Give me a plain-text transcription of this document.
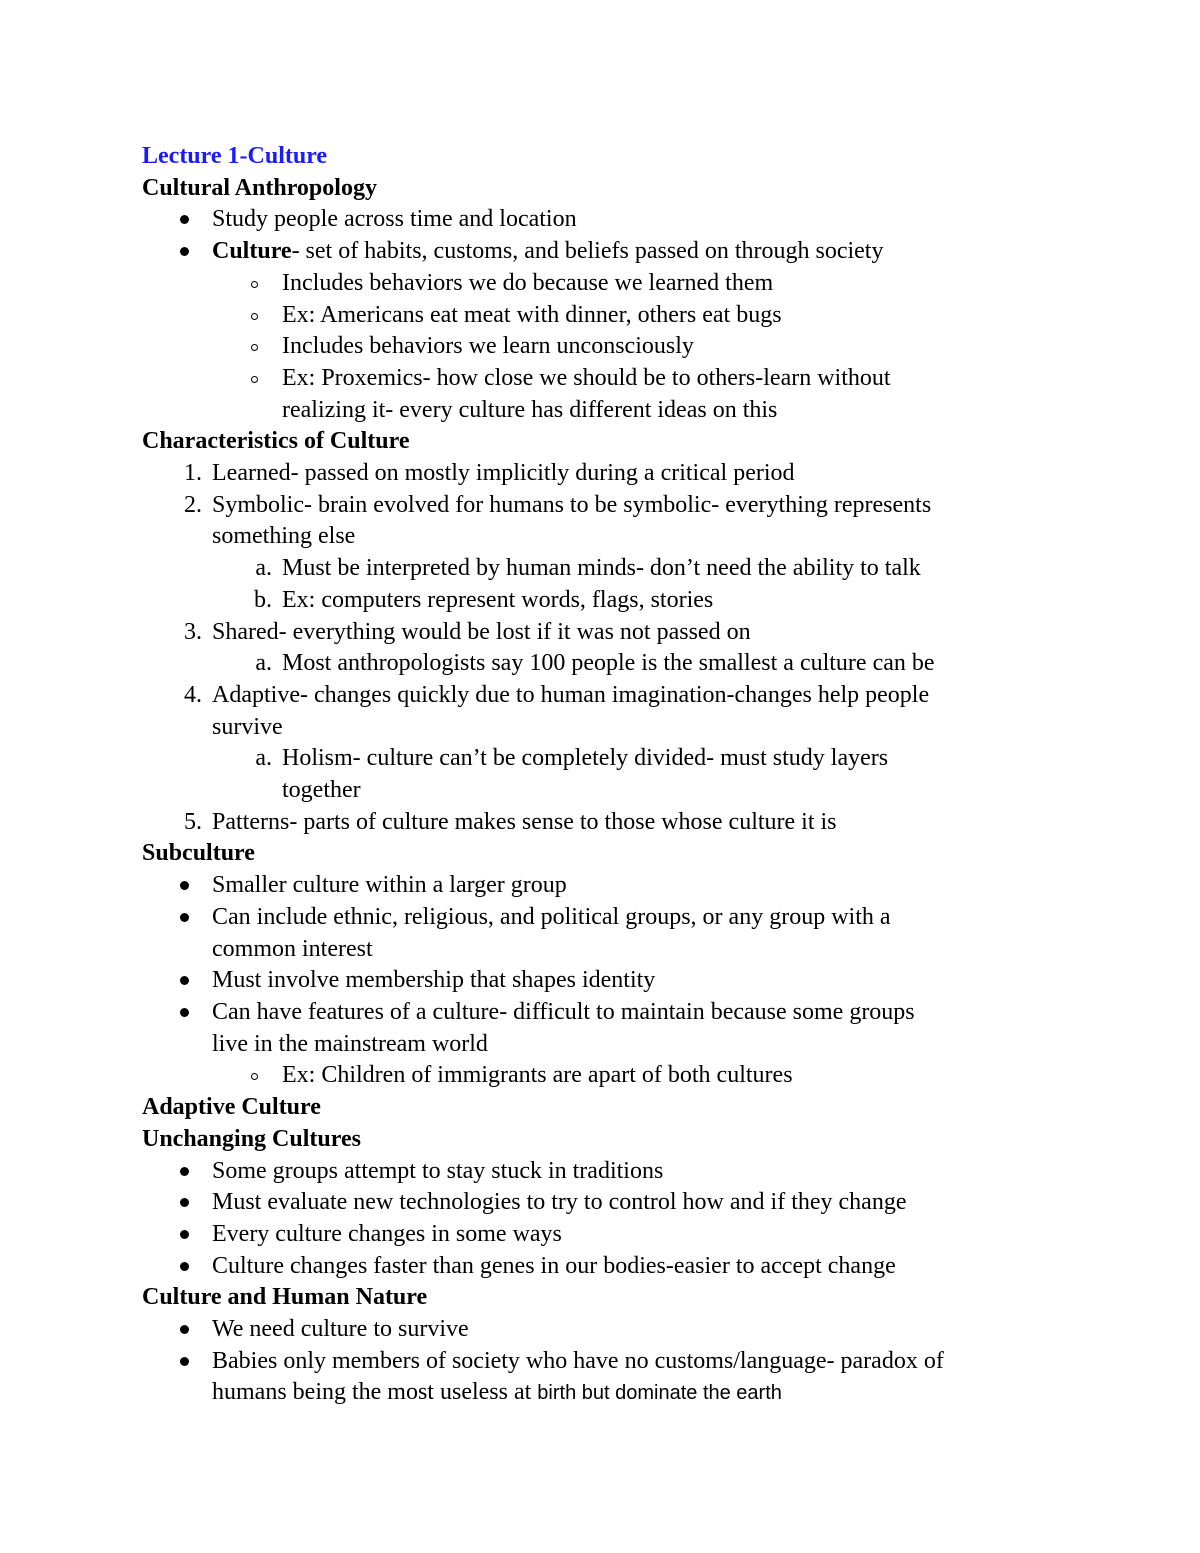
Lecture 1-Culture
Cultural Anthropology
Study people across time and location
Culture- set of habits, customs, and beliefs passed on through society
Includes behaviors we do because we learned them
Ex: Americans eat meat with dinner, others eat bugs
Includes behaviors we learn unconsciously
Ex: Proxemics- how close we should be to others-learn without
realizing it- every culture has different ideas on this
Characteristics of Culture
1. Learned- passed on mostly implicitly during a critical period
2. Symbolic- brain evolved for humans to be symbolic- everything represents
something else
a. Must be interpreted by human minds- don’t need the ability to talk
b. Ex: computers represent words, flags, stories
3. Shared- everything would be lost if it was not passed on
a. Most anthropologists say 100 people is the smallest a culture can be
4. Adaptive- changes quickly due to human imagination-changes help people
survive
a. Holism- culture can’t be completely divided- must study layers
together
5. Patterns- parts of culture makes sense to those whose culture it is
Subculture
Smaller culture within a larger group
Can include ethnic, religious, and political groups, or any group with a
common interest
Must involve membership that shapes identity
Can have features of a culture- difficult to maintain because some groups
live in the mainstream world
Ex: Children of immigrants are apart of both cultures
Adaptive Culture
Unchanging Cultures
Some groups attempt to stay stuck in traditions
Must evaluate new technologies to try to control how and if they change
Every culture changes in some ways
Culture changes faster than genes in our bodies-easier to accept change
Culture and Human Nature
We need culture to survive
Babies only members of society who have no customs/language- paradox of
humans being the most useless at birth but dominate the earth
